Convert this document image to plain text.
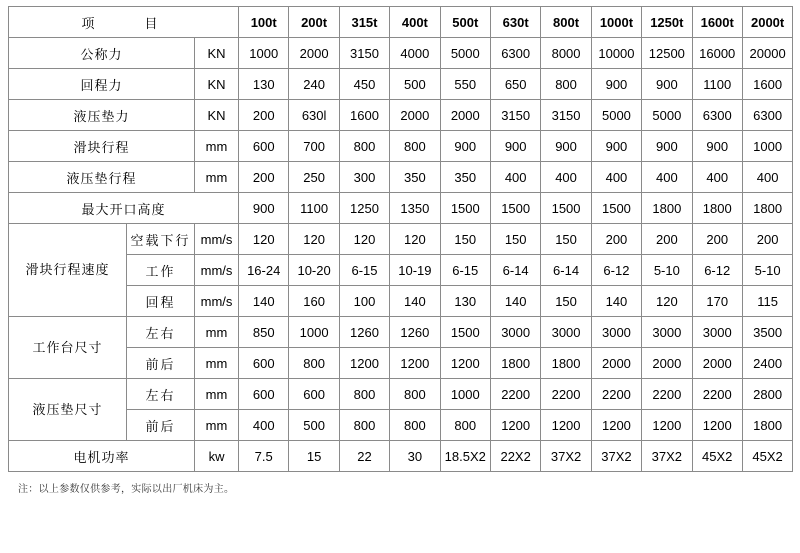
项　　目			100t	200t	315t	400t	500t	630t	800t	1000t	1250t	1600t	2000t
公称力		KN	1000	2000	3150	4000	5000	6300	8000	10000	12500	16000	20000
回程力		KN	130	240	450	500	550	650	800	900	900	1100	1600
液压垫力		KN	200	630l	1600	2000	2000	3150	3150	5000	5000	6300	6300
滑块行程		mm	600	700	800	800	900	900	900	900	900	900	1000
液压垫行程		mm	200	250	300	350	350	400	400	400	400	400	400
最大开口高度			900	1100	1250	1350	1500	1500	1500	1500	1800	1800	1800
滑块行程速度	空载下行	mm/s	120	120	120	120	150	150	150	200	200	200	200
	工作	mm/s	16-24	10-20	6-15	10-19	6-15	6-14	6-14	6-12	5-10	6-12	5-10
	回程	mm/s	140	160	100	140	130	140	150	140	120	170	115
工作台尺寸	左右	mm	850	1000	1260	1260	1500	3000	3000	3000	3000	3000	3500
	前后	mm	600	800	1200	1200	1200	1800	1800	2000	2000	2000	2400
液压垫尺寸	左右	mm	600	600	800	800	1000	2200	2200	2200	2200	2200	2800
	前后	mm	400	500	800	800	800	1200	1200	1200	1200	1200	1800
电机功率		kw	7.5	15	22	30	18.5X2	22X2	37X2	37X2	37X2	45X2	45X2
注：以上参数仅供参考，实际以出厂机床为主。
